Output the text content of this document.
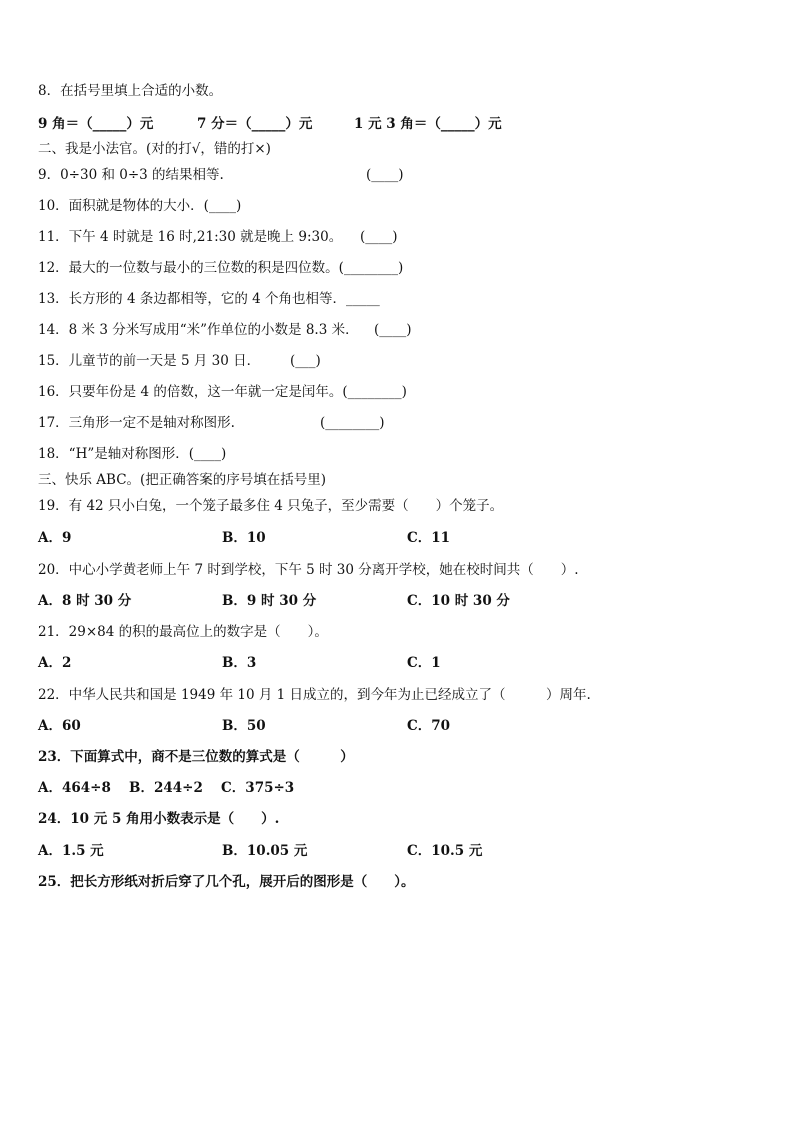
8．在括号里填上合适的小数。
9 角＝（_____）元	7 分＝（_____）元	1 元 3 角＝（_____）元
二、我是小法官。(对的打√，错的打×)
9．0÷30 和 0÷3 的结果相等.	(____)
10．面积就是物体的大小．(____)
11．下午 4 时就是 16 时,21:30 就是晚上 9:30。 (____)
12．最大的一位数与最小的三位数的积是四位数。(________)
13．长方形的 4 条边都相等，它的 4 个角也相等．_____
14．8 米 3 分米写成用“米”作单位的小数是 8.3 米． (____)
15．儿童节的前一天是 5 月 30 日． (___)
16．只要年份是 4 的倍数，这一年就一定是闰年。(________)
17．三角形一定不是轴对称图形.	(________)
18．“H”是轴对称图形．(____)
三、快乐 ABC。(把正确答案的序号填在括号里)
19．有 42 只小白兔，一个笼子最多住 4 只兔子，至少需要（　　）个笼子。
A．9	B．10	C．11
20．中心小学黄老师上午 7 时到学校，下午 5 时 30 分离开学校，她在校时间共（　　）.
A．8 时 30 分	B．9 时 30 分	C．10 时 30 分
21．29×84 的积的最高位上的数字是（　　）。
A．2	B．3	C．1
22．中华人民共和国是 1949 年 10 月 1 日成立的，到今年为止已经成立了（　　　）周年.
A．60	B．50	C．70
23．下面算式中，商不是三位数的算式是（　　　）
A．464÷8　 B．244÷2　 C．375÷3
24．10 元 5 角用小数表示是（　　）.
A．1.5 元	B．10.05 元	C．10.5 元
25．把长方形纸对折后穿了几个孔，展开后的图形是（　　）。
